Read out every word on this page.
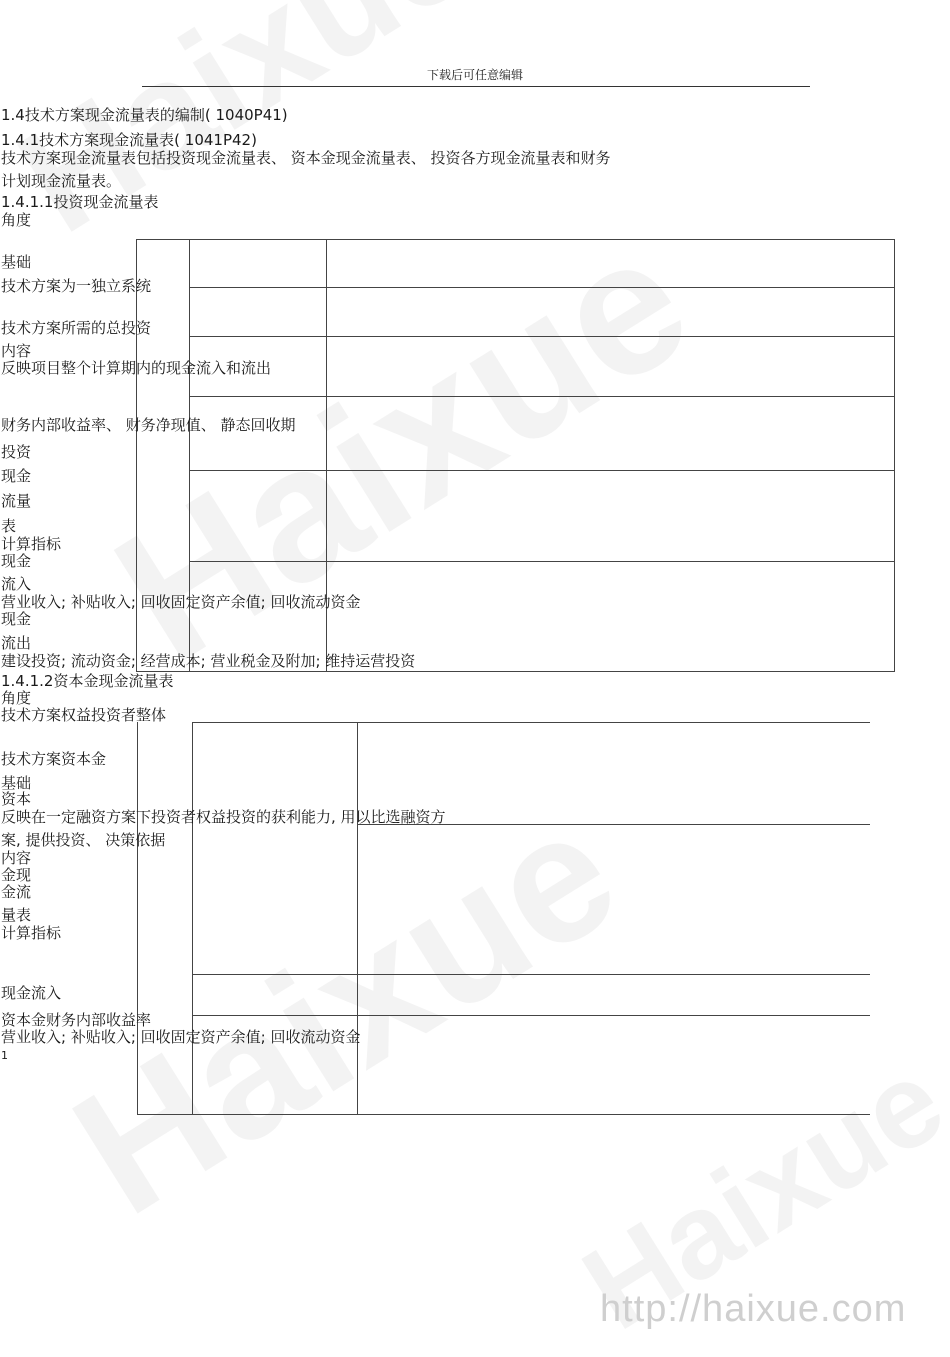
http://haixue.com
下载后可任意编辑
1.4技术方案现金流量表的编制( 1040P41)
1.4.1技术方案现金流量表( 1041P42)
技术方案现金流量表包括投资现金流量表、 资本金现金流量表、 投资各方现金流量表和财务
计划现金流量表。
1.4.1.1投资现金流量表
角度
基础
技术方案为一独立系统
技术方案所需的总投资
内容
反映项目整个计算期内的现金流入和流出
财务内部收益率、 财务净现值、 静态回收期
投资
现金
流量
表
计算指标
现金
流入
营业收入; 补贴收入; 回收固定资产余值; 回收流动资金
现金
流出
建设投资; 流动资金; 经营成本; 营业税金及附加; 维持运营投资
1.4.1.2资本金现金流量表
角度
技术方案权益投资者整体
技术方案资本金
基础
资本
反映在一定融资方案下投资者权益投资的获利能力, 用以比选融资方
案, 提供投资、 决策依据
内容
金现
金流
量表
计算指标
现金流入
资本金财务内部收益率
营业收入; 补贴收入; 回收固定资产余值; 回收流动资金
1
